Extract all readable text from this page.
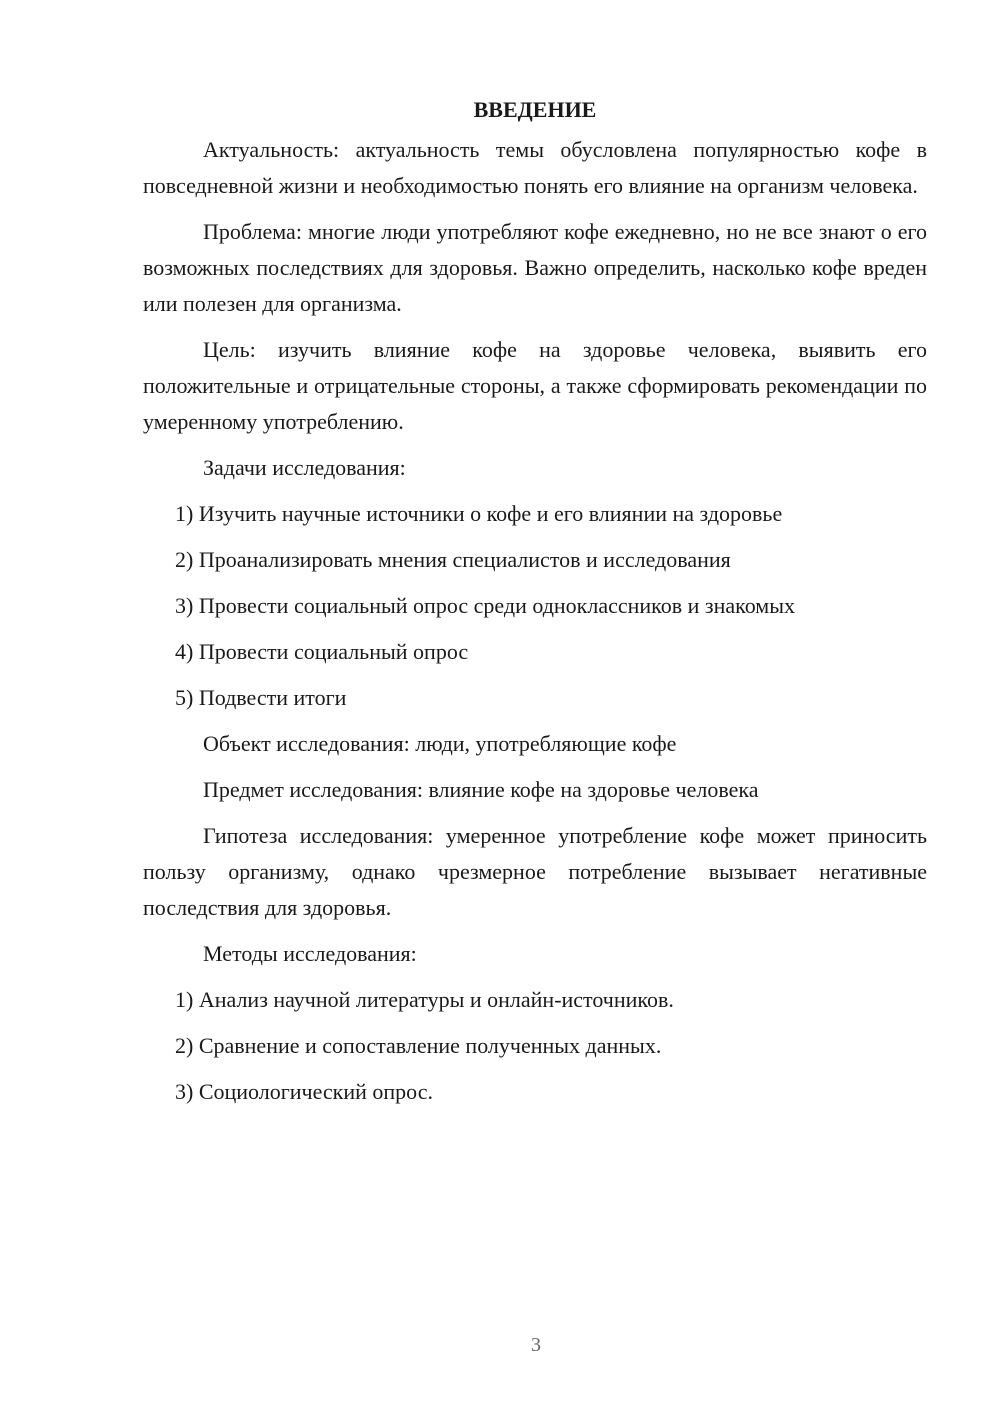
ВВЕДЕНИЕ

Актуальность: актуальность темы обусловлена популярностью кофе в повседневной жизни и необходимостью понять его влияние на организм человека.

Проблема: многие люди употребляют кофе ежедневно, но не все знают о его возможных последствиях для здоровья. Важно определить, насколько кофе вреден или полезен для организма.

Цель: изучить влияние кофе на здоровье человека, выявить его положительные и отрицательные стороны, а также сформировать рекомендации по умеренному употреблению.

Задачи исследования:
1) Изучить научные источники о кофе и его влиянии на здоровье
2) Проанализировать мнения специалистов и исследования
3) Провести социальный опрос среди одноклассников и знакомых
4) Провести социальный опрос
5) Подвести итоги
Объект исследования: люди, употребляющие кофе
Предмет исследования: влияние кофе на здоровье человека

Гипотеза исследования: умеренное употребление кофе может приносить пользу организму, однако чрезмерное потребление вызывает негативные последствия для здоровья.

Методы исследования:
1) Анализ научной литературы и онлайн-источников.
2) Сравнение и сопоставление полученных данных.
3) Социологический опрос.
3
